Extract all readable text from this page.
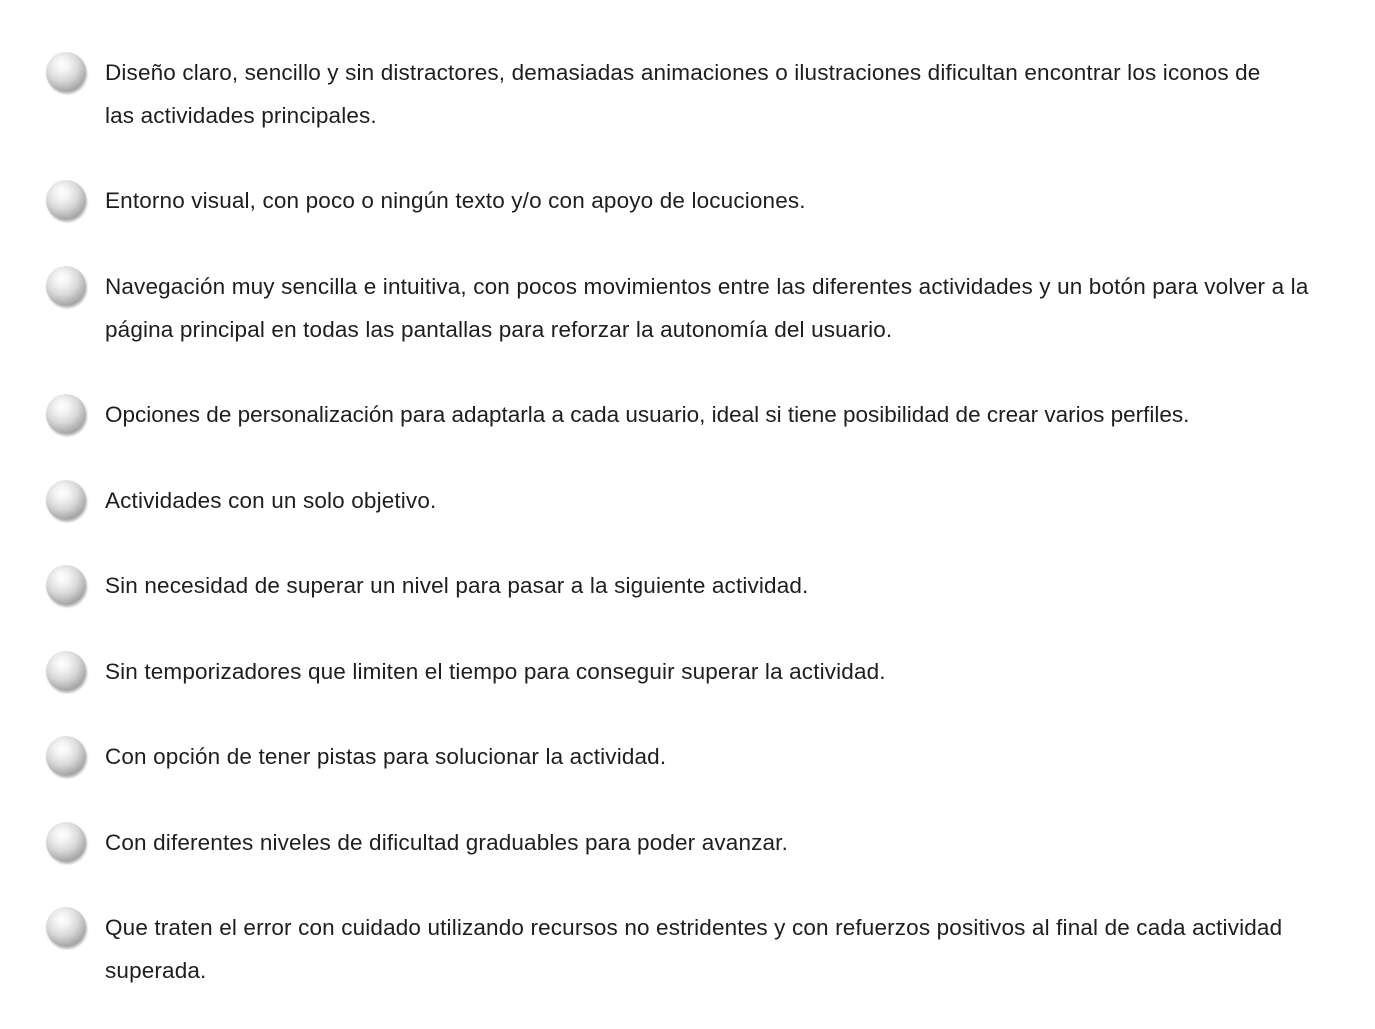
Diseño claro, sencillo y sin distractores, demasiadas animaciones o ilustraciones dificultan encontrar los iconos de las actividades principales.
Entorno visual, con poco o ningún texto y/o con apoyo de locuciones.
Navegación muy sencilla e intuitiva, con pocos movimientos entre las diferentes actividades y un botón para volver a la página principal en todas las pantallas para reforzar la autonomía del usuario.
Opciones de personalización para adaptarla a cada usuario, ideal si tiene posibilidad de crear varios perfiles.
Actividades con un solo objetivo.
Sin necesidad de superar un nivel para pasar a la siguiente actividad.
Sin temporizadores que limiten el tiempo para conseguir superar la actividad.
Con opción de tener pistas para solucionar la actividad.
Con diferentes niveles de dificultad graduables para poder avanzar.
Que traten el error con cuidado utilizando recursos no estridentes y con refuerzos positivos al final de cada actividad superada.
